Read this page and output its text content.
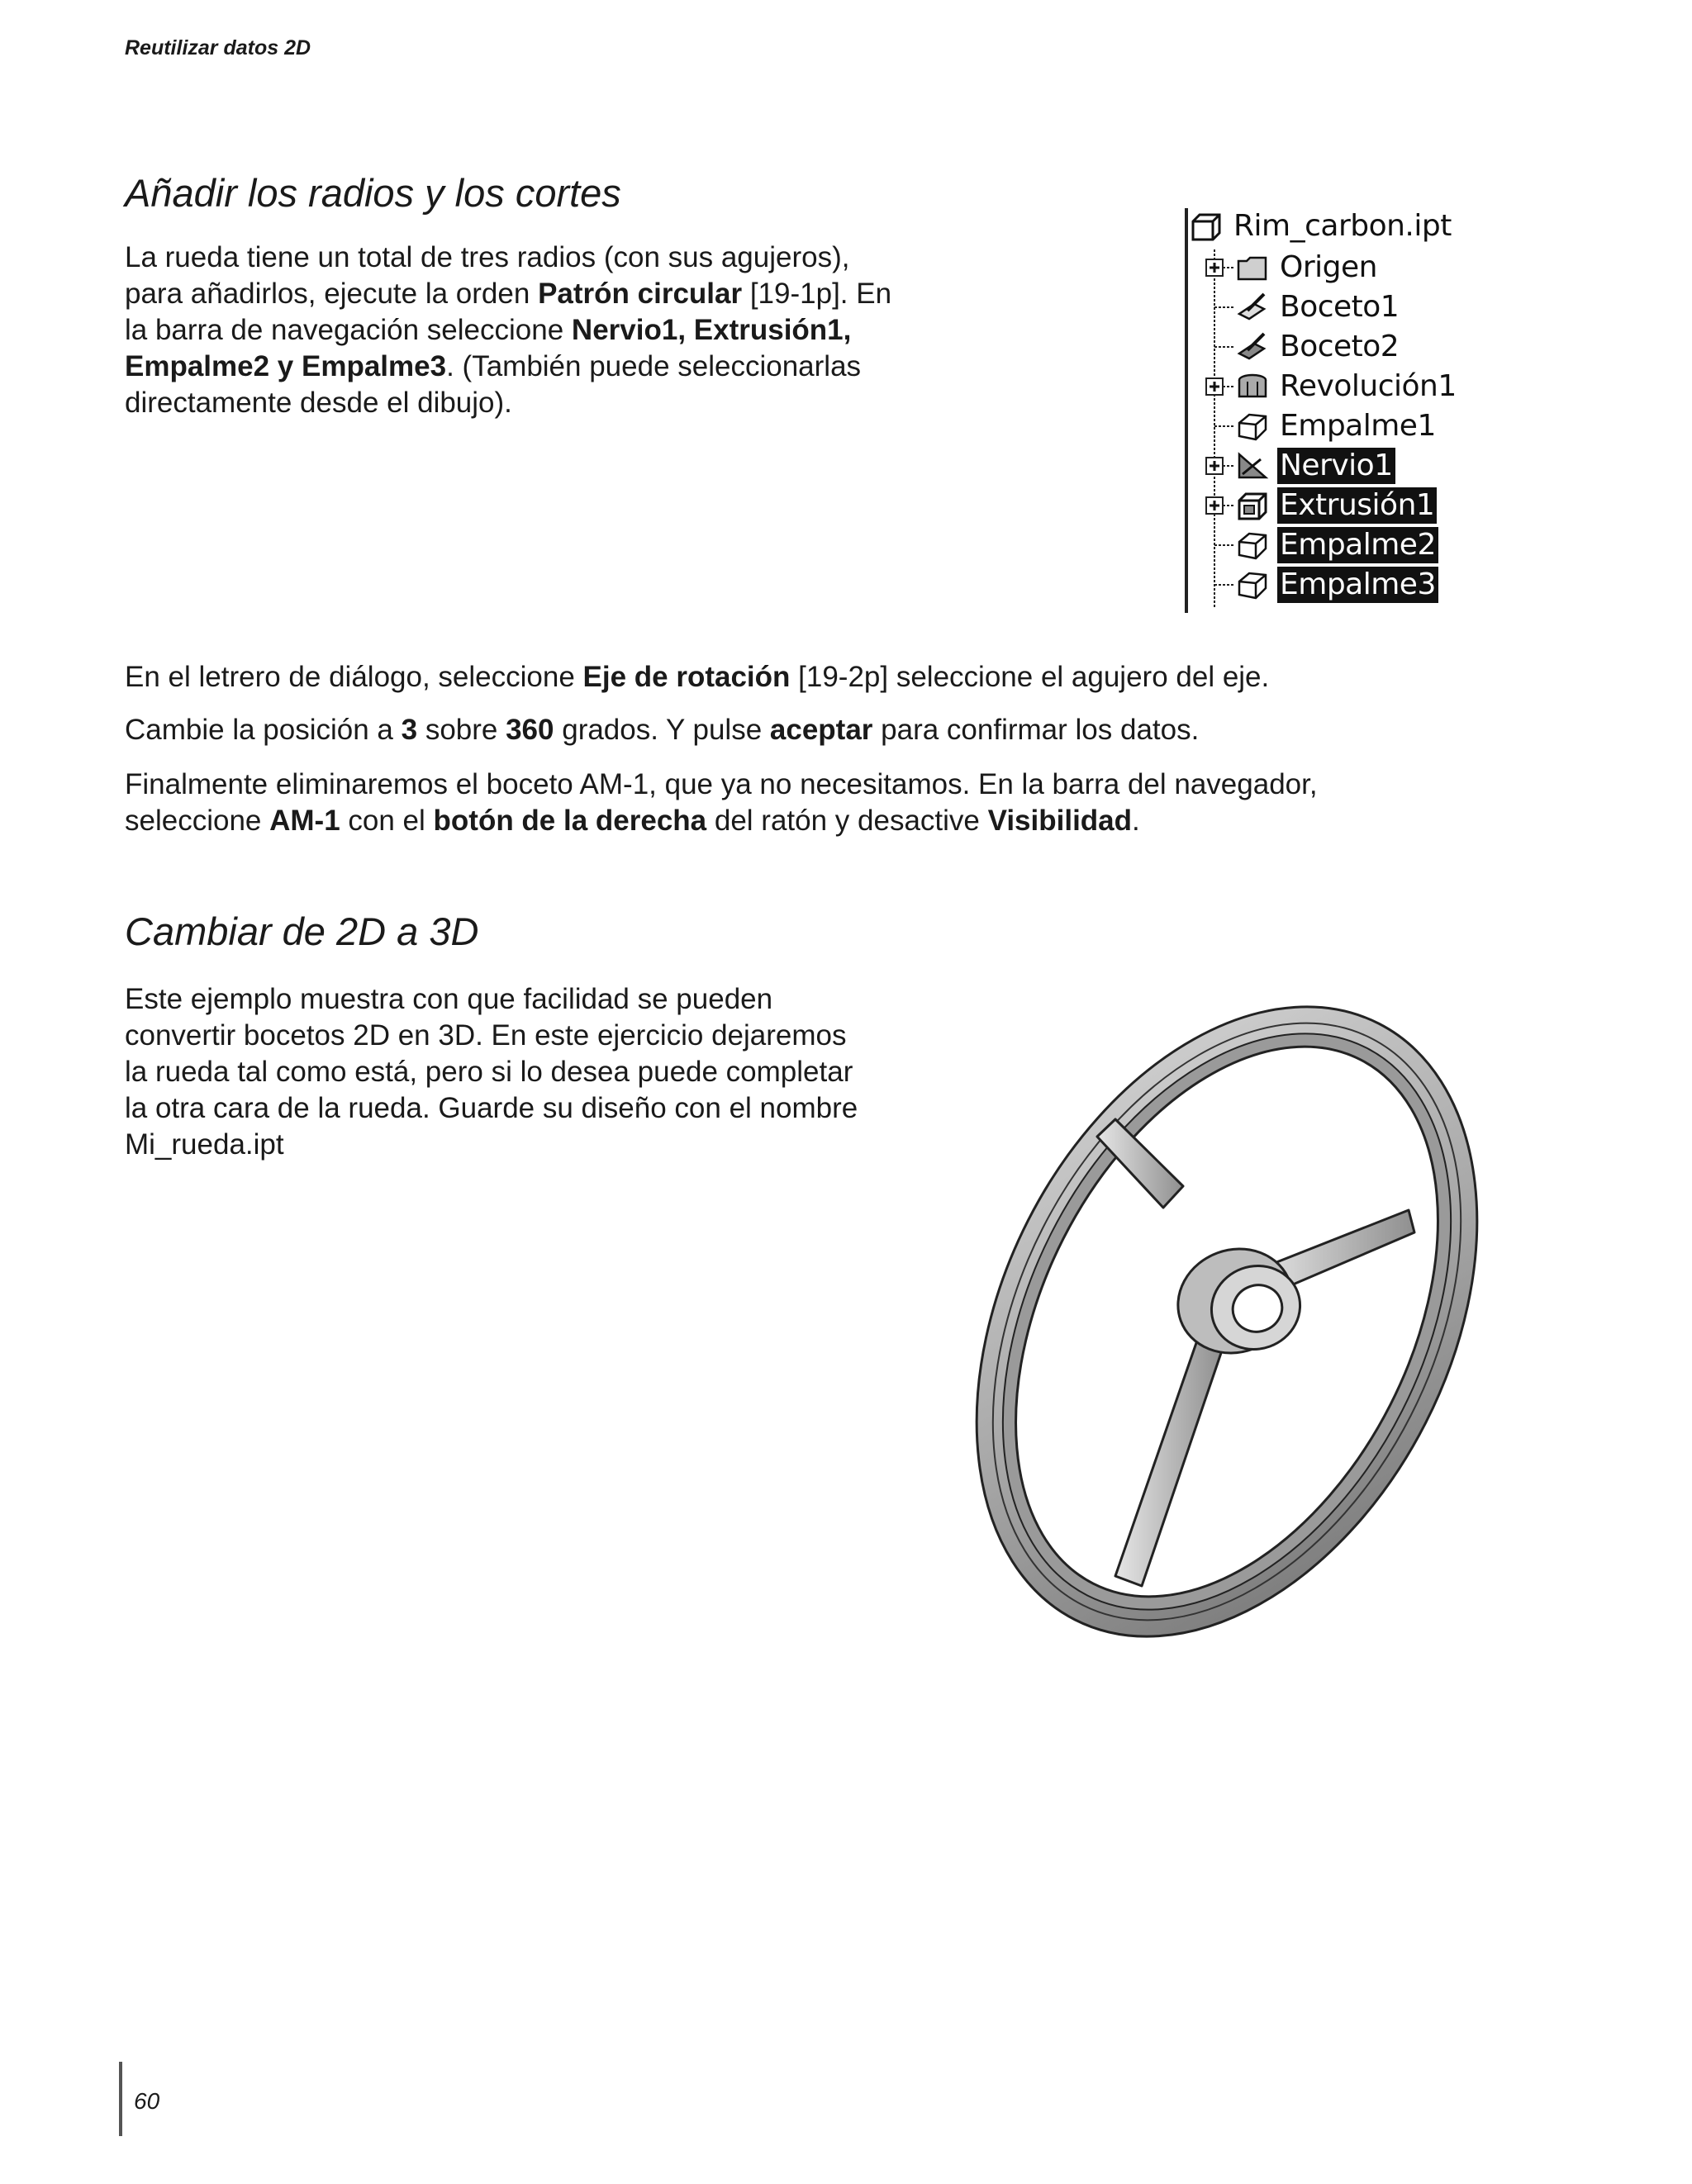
Reutilizar datos 2D
Añadir los radios y los cortes
La rueda tiene un total de tres radios (con sus agujeros),
para añadirlos, ejecute la orden Patrón circular [19-1p]. En
la barra de navegación seleccione Nervio1, Extrusión1,
Empalme2 y Empalme3. (También puede seleccionarlas
directamente desde el dibujo).
Rim_carbon.ipt
Origen
Boceto1
Boceto2
Revolución1
Empalme1
Nervio1
Extrusión1
Empalme2
Empalme3
En el letrero de diálogo, seleccione Eje de rotación [19-2p] seleccione el agujero del eje.
Cambie la posición a 3 sobre 360 grados. Y pulse aceptar para confirmar los datos.
Finalmente eliminaremos el boceto AM-1, que ya no necesitamos. En la barra del navegador,
seleccione AM-1 con el botón de la derecha del ratón y desactive Visibilidad.
Cambiar de 2D a 3D
Este ejemplo muestra con que facilidad se pueden
convertir bocetos 2D en 3D. En este ejercicio dejaremos
la rueda tal como está, pero si lo desea puede completar
la otra cara de la rueda. Guarde su diseño con el nombre
Mi_rueda.ipt
60
